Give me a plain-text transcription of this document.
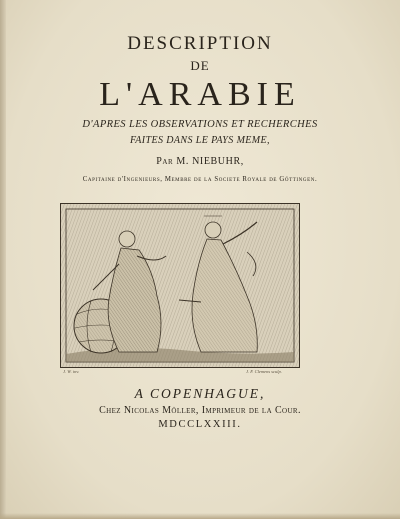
DESCRIPTION
DE
L'ARABIE
D'APRES LES OBSERVATIONS ET RECHERCHES
FAITES DANS LE PAYS MEME,
Par M. NIEBUHR,
Capitaine d'Ingenieurs, Membre de la Societe Royale de Göttingen.
J. W. inv.	J. F. Clemens sculp.
A COPENHAGUE,
Chez Nicolas Möller, Imprimeur de la Cour.
MDCCLXXIII.
